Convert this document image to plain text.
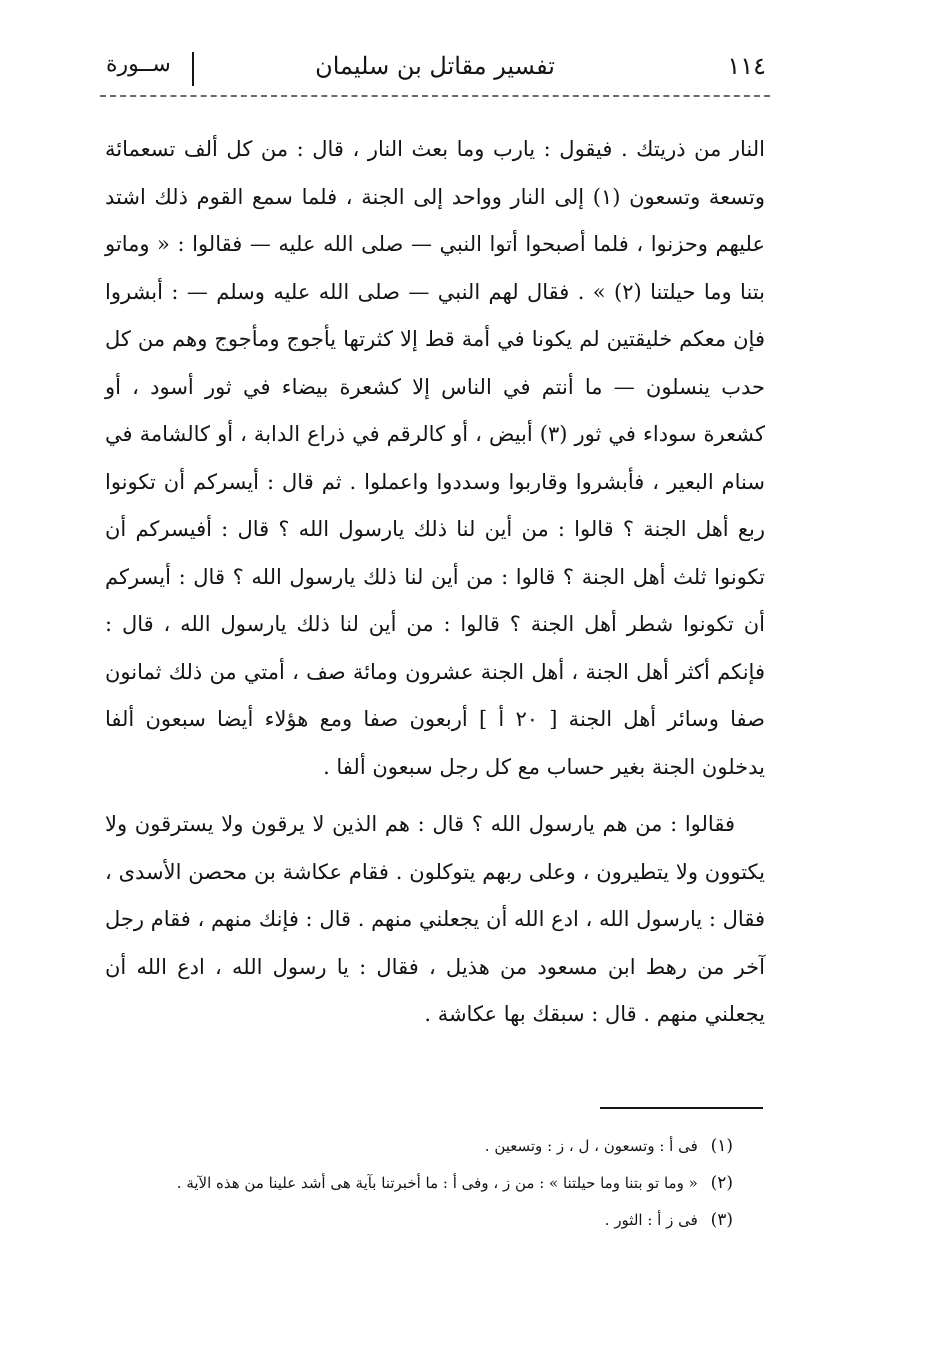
ســورة	تفسير مقاتل بن سليمان	١١٤

النار من ذريتك . فيقول : يارب وما بعث النار ، قال : من كل ألف تسعمائة وتسعة وتسعون (١) إلى النار وواحد إلى الجنة ، فلما سمع القوم ذلك اشتد عليهم وحزنوا ، فلما أصبحوا أتوا النبي — صلى الله عليه — فقالوا : « وماتو بتنا وما حيلتنا (٢) » . فقال لهم النبي — صلى الله عليه وسلم — : أبشروا فإن معكم خليقتين لم يكونا في أمة قط إلا كثرتها يأجوج ومأجوج وهم من كل حدب ينسلون — ما أنتم في الناس إلا كشعرة بيضاء في ثور أسود ، أو كشعرة سوداء في ثور (٣) أبيض ، أو كالرقم في ذراع الدابة ، أو كالشامة في سنام البعير ، فأبشروا وقاربوا وسددوا واعملوا . ثم قال : أيسركم أن تكونوا ربع أهل الجنة ؟ قالوا : من أين لنا ذلك يارسول الله ؟ قال : أفيسركم أن تكونوا ثلث أهل الجنة ؟ قالوا : من أين لنا ذلك يارسول الله ؟ قال : أيسركم أن تكونوا شطر أهل الجنة ؟ قالوا : من أين لنا ذلك يارسول الله ، قال : فإنكم أكثر أهل الجنة ، أهل الجنة عشرون ومائة صف ، أمتي من ذلك ثمانون صفا وسائر أهل الجنة [ ٢٠ أ ] أربعون صفا ومع هؤلاء أيضا سبعون ألفا يدخلون الجنة بغير حساب مع كل رجل سبعون ألفا .

فقالوا : من هم يارسول الله ؟ قال : هم الذين لا يرقون ولا يسترقون ولا يكتوون ولا يتطيرون ، وعلى ربهم يتوكلون . فقام عكاشة بن محصن الأسدى ، فقال : يارسول الله ، ادع الله أن يجعلني منهم . قال : فإنك منهم ، فقام رجل آخر من رهط ابن مسعود من هذيل ، فقال : يا رسول الله ، ادع الله أن يجعلني منهم . قال : سبقك بها عكاشة .

(١) فى أ : وتسعون ، ل ، ز : وتسعين .
(٢) « وما تو بتنا وما حيلتنا » : من ز ، وفى أ : ما أخبرتنا بآية هى أشد علينا من هذه الآية .
(٣) فى ز أ : الثور .
